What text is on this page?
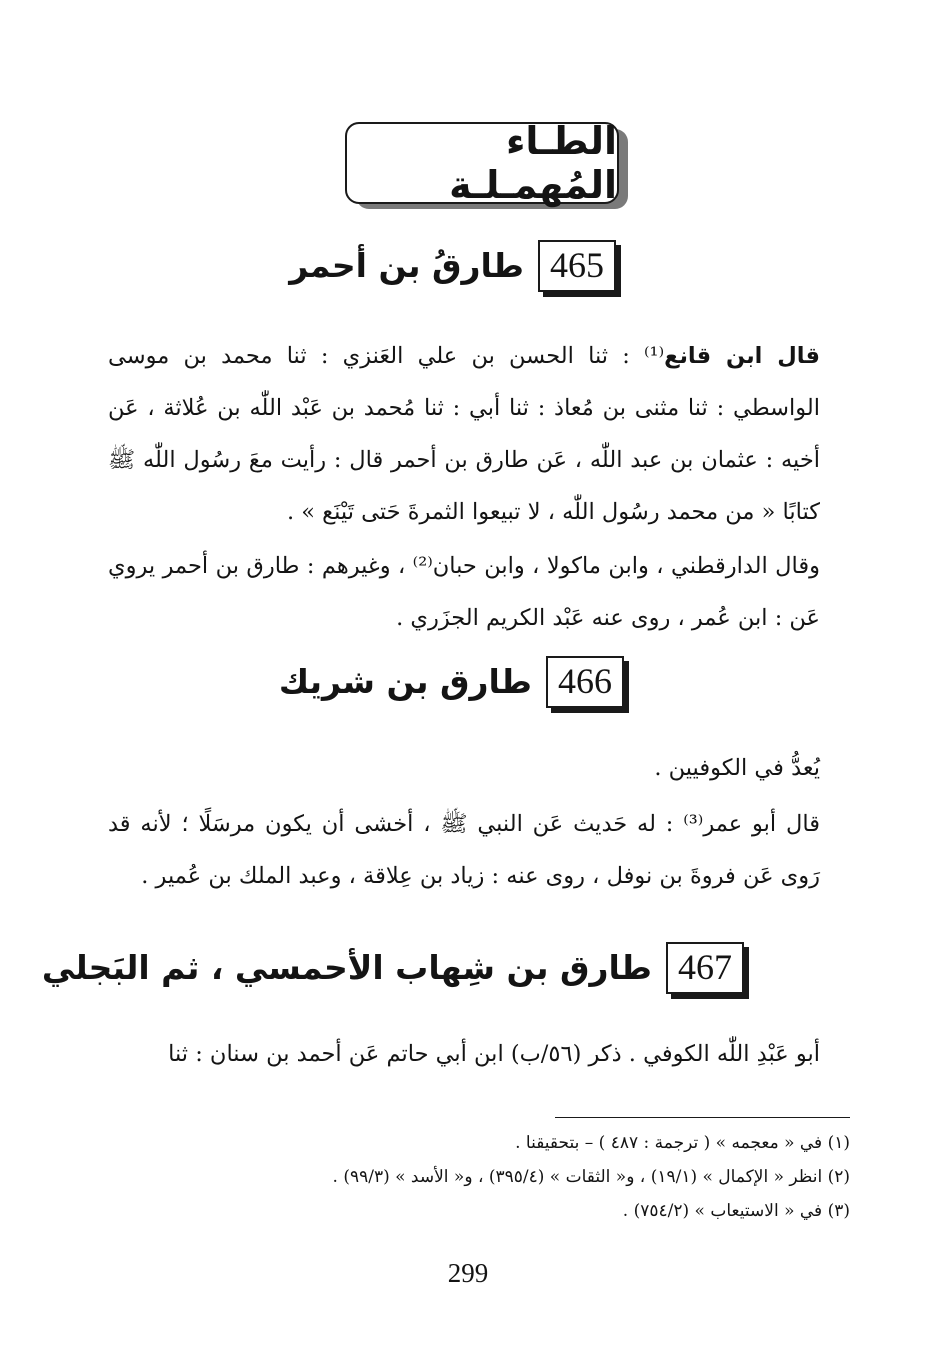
الطـاء المُهمـلـة
465
طارقُ بن أحمر

قال ابن قانع⁽¹⁾ : ثنا الحسن بن علي العَنزي : ثنا محمد بن موسى الواسطي : ثنا مثنى بن مُعاذ : ثنا أبي : ثنا مُحمد بن عَبْد اللّٰه بن عُلاثة ، عَن أخيه : عثمان بن عبد اللّٰه ، عَن طارق بن أحمر قال : رأيت معَ رسُول اللّٰه ﷺ كتابًا « من محمد رسُول اللّٰه ، لا تبيعوا الثمرةَ حَتى تَيْنَع » .

وقال الدارقطني ، وابن ماكولا ، وابن حبان⁽²⁾ ، وغيرهم : طارق بن أحمر يروي عَن : ابن عُمر ، روى عنه عَبْد الكريم الجزَري .

466
طارق بن شريك

يُعدُّ في الكوفيين .

قال أبو عمر⁽³⁾ : له حَديث عَن النبي ﷺ ، أخشى أن يكون مرسَلًا ؛ لأنه قد رَوى عَن فروةَ بن نوفل ، روى عنه : زياد بن عِلاقة ، وعبد الملك بن عُمير .

467
طارق بن شِهاب الأحمسي ، ثم البَجلي

أبو عَبْدِ اللّٰه الكوفي . ذكر (٥٦/ب) ابن أبي حاتم عَن أحمد بن سنان : ثنا

(١) في « معجمه » ( ترجمة : ٤٨٧ ) – بتحقيقنا .
(٢) انظر « الإكمال » (١٩/١) ، و« الثقات » (٣٩٥/٤) ، و« الأسد » (٩٩/٣) .
(٣) في « الاستيعاب » (٧٥٤/٢) .
299
